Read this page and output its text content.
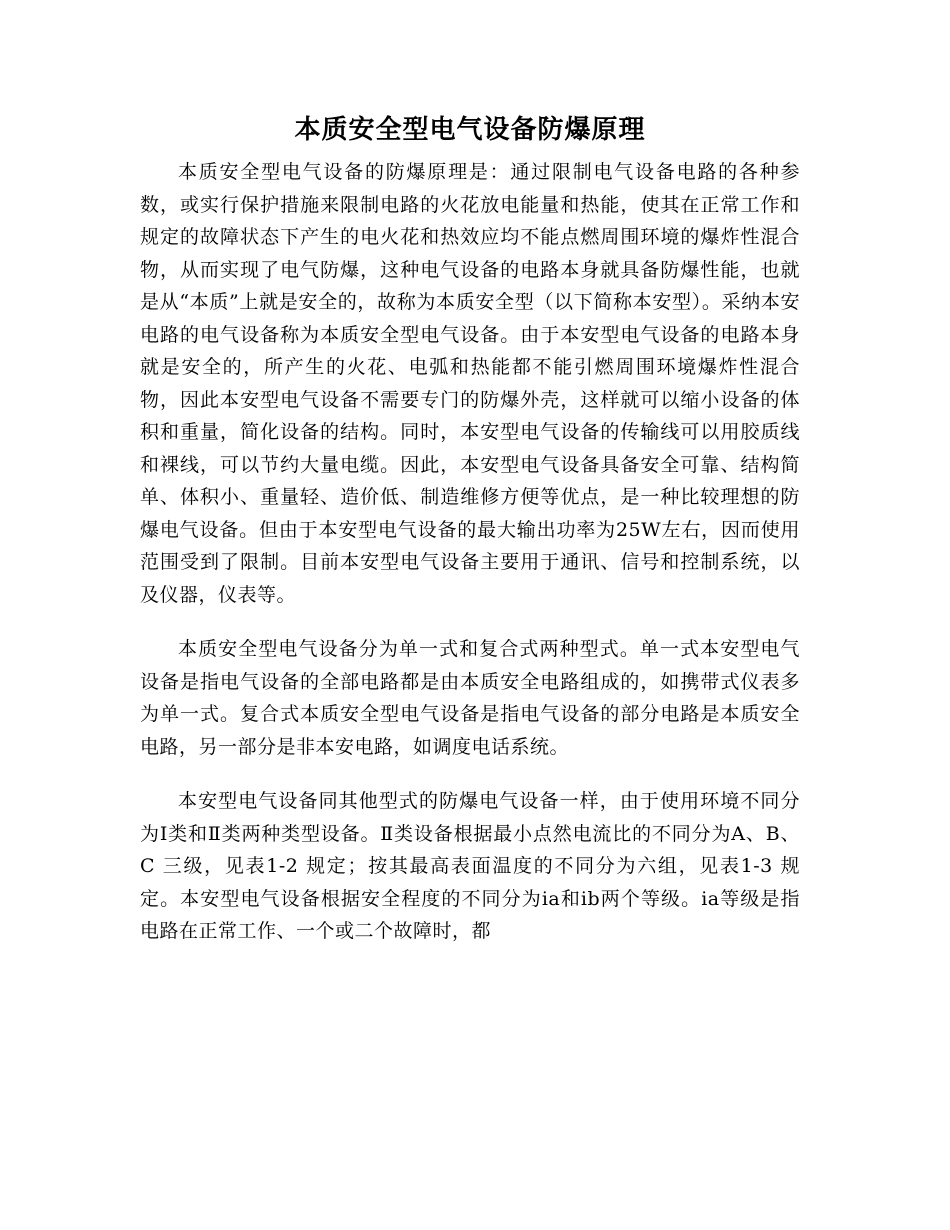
本质安全型电气设备防爆原理

本质安全型电气设备的防爆原理是：通过限制电气设备电路的各种参数，或实行保护措施来限制电路的火花放电能量和热能，使其在正常工作和规定的故障状态下产生的电火花和热效应均不能点燃周围环境的爆炸性混合物，从而实现了电气防爆，这种电气设备的电路本身就具备防爆性能，也就是从“本质”上就是安全的，故称为本质安全型（以下简称本安型）。采纳本安电路的电气设备称为本质安全型电气设备。由于本安型电气设备的电路本身就是安全的，所产生的火花、电弧和热能都不能引燃周围环境爆炸性混合物，因此本安型电气设备不需要专门的防爆外壳，这样就可以缩小设备的体积和重量，简化设备的结构。同时，本安型电气设备的传输线可以用胶质线和裸线，可以节约大量电缆。因此，本安型电气设备具备安全可靠、结构简单、体积小、重量轻、造价低、制造维修方便等优点，是一种比较理想的防爆电气设备。但由于本安型电气设备的最大输出功率为25W左右，因而使用范围受到了限制。目前本安型电气设备主要用于通讯、信号和控制系统，以及仪器，仪表等。

本质安全型电气设备分为单一式和复合式两种型式。单一式本安型电气设备是指电气设备的全部电路都是由本质安全电路组成的，如携带式仪表多为单一式。复合式本质安全型电气设备是指电气设备的部分电路是本质安全电路，另一部分是非本安电路，如调度电话系统。

本安型电气设备同其他型式的防爆电气设备一样，由于使用环境不同分为Ⅰ类和Ⅱ类两种类型设备。Ⅱ类设备根据最小点然电流比的不同分为A、B、C 三级，见表1-2 规定；按其最高表面温度的不同分为六组，见表1-3 规定。本安型电气设备根据安全程度的不同分为ia和ib两个等级。ia等级是指电路在正常工作、一个或二个故障时，都
